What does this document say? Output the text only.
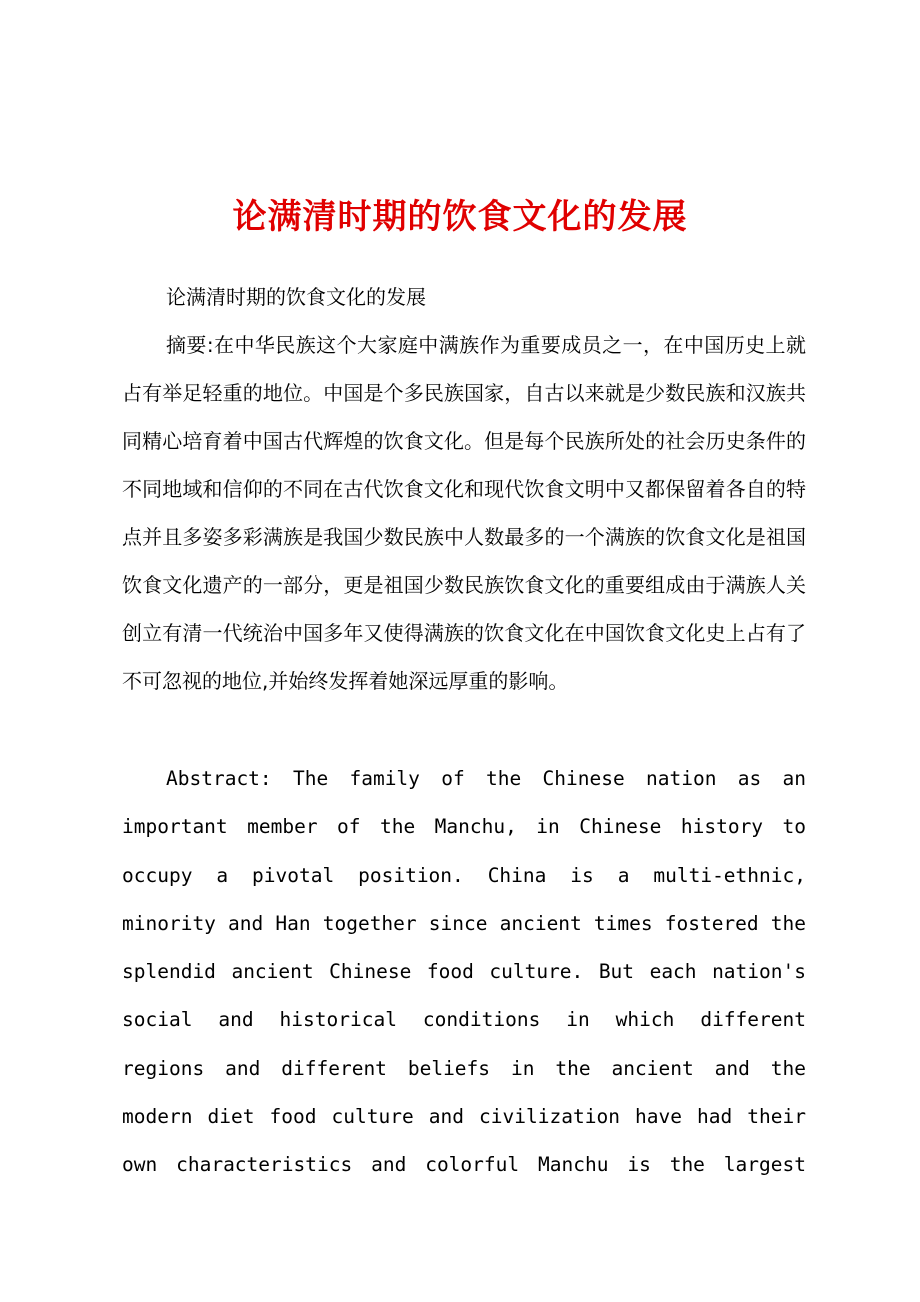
论满清时期的饮食文化的发展

论满清时期的饮食文化的发展

摘要:在中华民族这个大家庭中满族作为重要成员之一，在中国历史上就占有举足轻重的地位。中国是个多民族国家，自古以来就是少数民族和汉族共同精心培育着中国古代辉煌的饮食文化。但是每个民族所处的社会历史条件的不同地域和信仰的不同在古代饮食文化和现代饮食文明中又都保留着各自的特点并且多姿多彩满族是我国少数民族中人数最多的一个满族的饮食文化是祖国饮食文化遗产的一部分，更是祖国少数民族饮食文化的重要组成由于满族人关创立有清一代统治中国多年又使得满族的饮食文化在中国饮食文化史上占有了不可忽视的地位,并始终发挥着她深远厚重的影响。

Abstract: The family of the Chinese nation as an important member of the Manchu, in Chinese history to occupy a pivotal position. China is a multi-ethnic, minority and Han together since ancient times fostered the splendid ancient Chinese food culture. But each nation's social and historical conditions in which different regions and different beliefs in the ancient and the modern diet food culture and civilization have had their own characteristics and colorful Manchu is the largest
